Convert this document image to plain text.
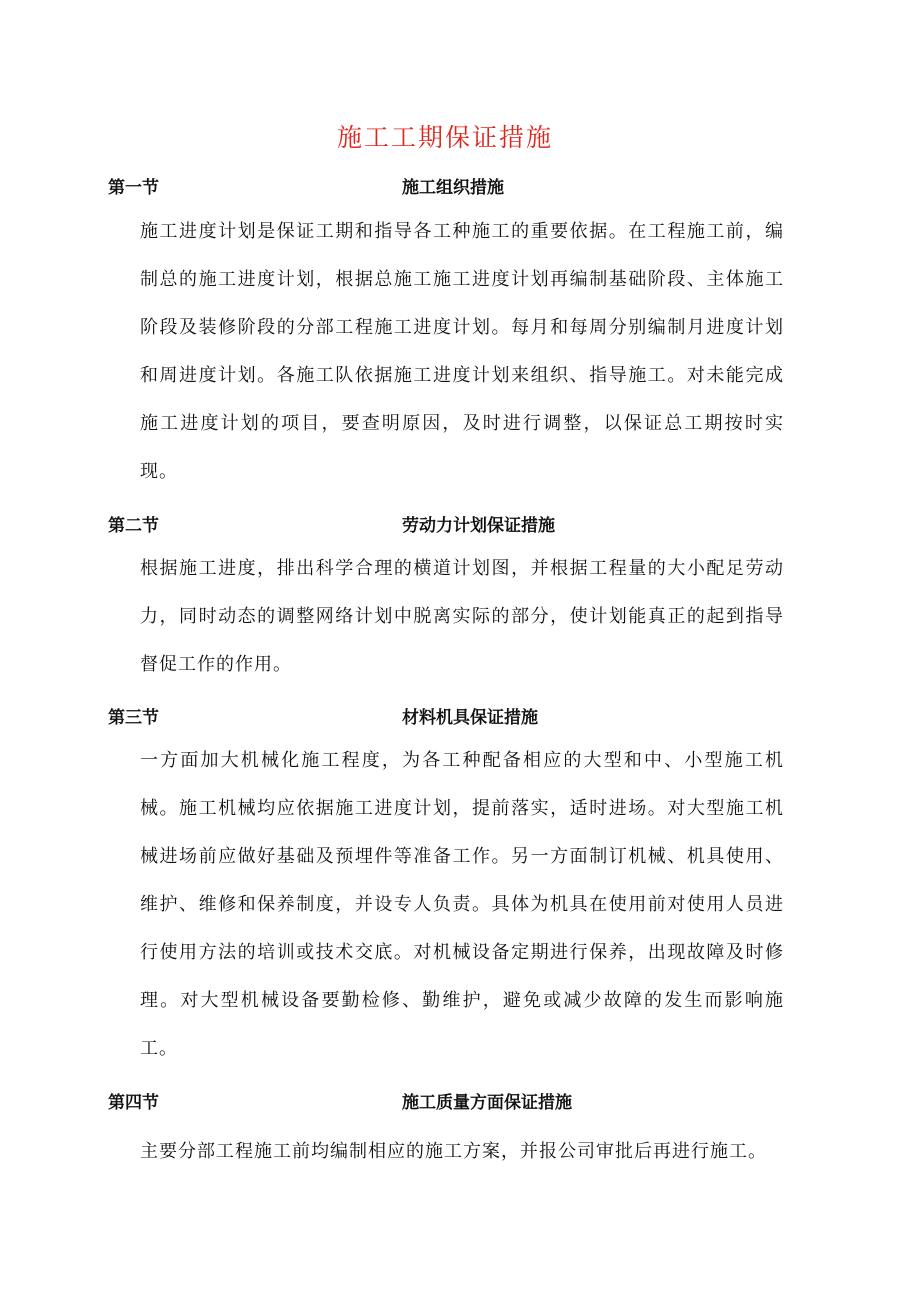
施工工期保证措施
第一节	施工组织措施

施工进度计划是保证工期和指导各工种施工的重要依据。在工程施工前，编制总的施工进度计划，根据总施工施工进度计划再编制基础阶段、主体施工阶段及装修阶段的分部工程施工进度计划。每月和每周分别编制月进度计划和周进度计划。各施工队依据施工进度计划来组织、指导施工。对未能完成施工进度计划的项目，要查明原因，及时进行调整，以保证总工期按时实现。

第二节	劳动力计划保证措施

根据施工进度，排出科学合理的横道计划图，并根据工程量的大小配足劳动力，同时动态的调整网络计划中脱离实际的部分，使计划能真正的起到指导督促工作的作用。

第三节	材料机具保证措施

一方面加大机械化施工程度，为各工种配备相应的大型和中、小型施工机械。施工机械均应依据施工进度计划，提前落实，适时进场。对大型施工机械进场前应做好基础及预埋件等准备工作。另一方面制订机械、机具使用、维护、维修和保养制度，并设专人负责。具体为机具在使用前对使用人员进行使用方法的培训或技术交底。对机械设备定期进行保养，出现故障及时修理。对大型机械设备要勤检修、勤维护，避免或减少故障的发生而影响施工。

第四节	施工质量方面保证措施

主要分部工程施工前均编制相应的施工方案，并报公司审批后再进行施工。
